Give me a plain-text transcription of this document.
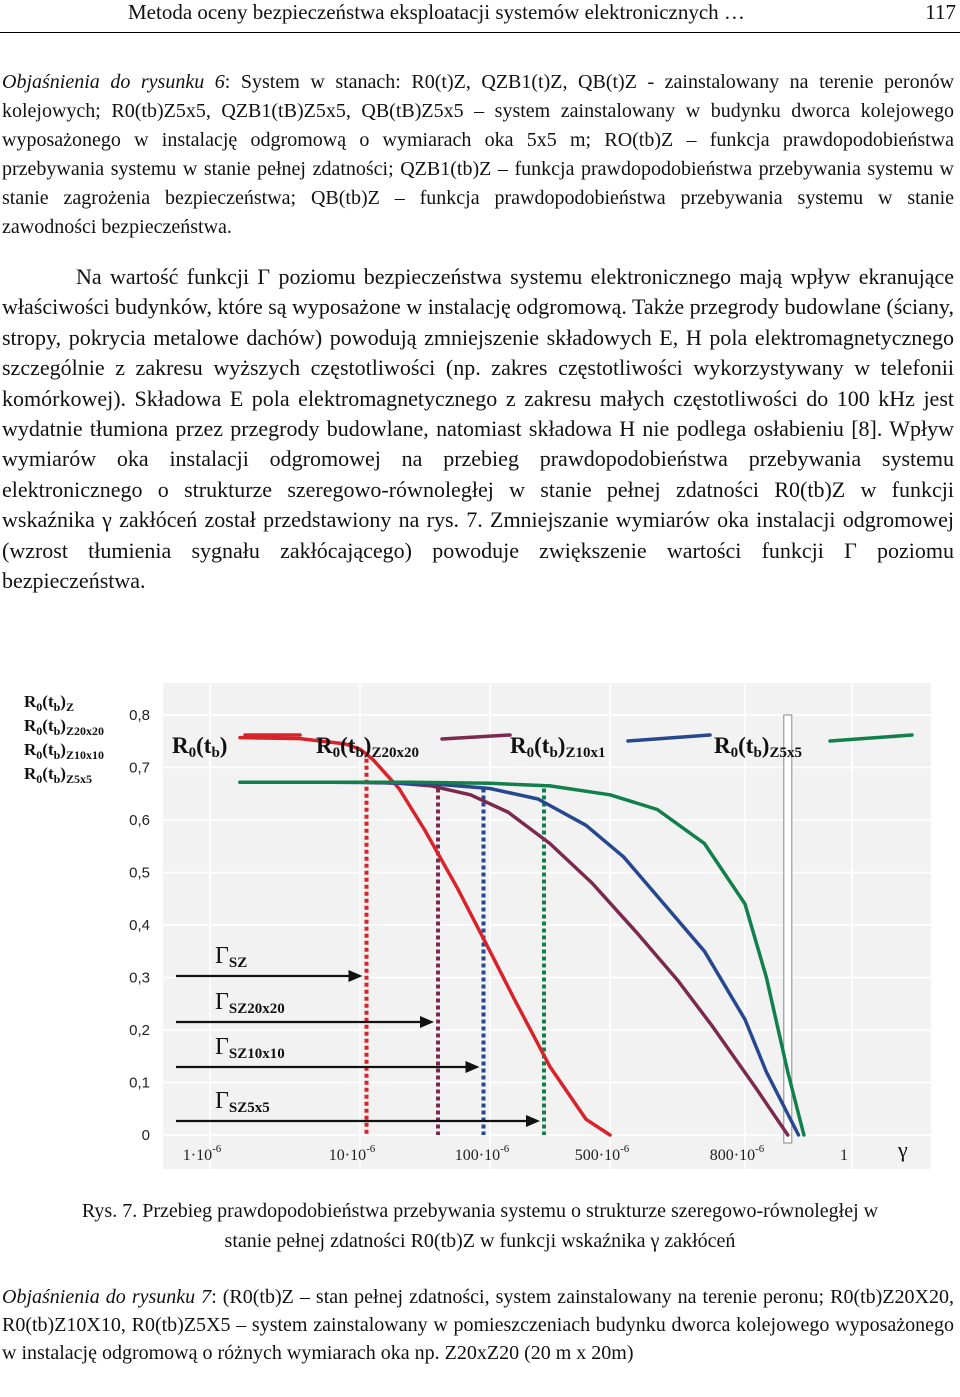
Metoda oceny bezpieczeństwa eksploatacji systemów elektronicznych …	117

Objaśnienia do rysunku 6: System w stanach: R0(t)Z, QZB1(t)Z, QB(t)Z - zainstalowany na terenie peronów kolejowych; R0(tb)Z5x5, QZB1(tB)Z5x5, QB(tB)Z5x5 – system zainstalowany w budynku dworca kolejowego wyposażonego w instalację odgromową o wymiarach oka 5x5 m; RO(tb)Z – funkcja prawdopodobieństwa przebywania systemu w stanie pełnej zdatności; QZB1(tb)Z – funkcja prawdopodobieństwa przebywania systemu w stanie zagrożenia bezpieczeństwa; QB(tb)Z – funkcja prawdopodobieństwa przebywania systemu w stanie zawodności bezpieczeństwa.

Na wartość funkcji Γ poziomu bezpieczeństwa systemu elektronicznego mają wpływ ekranujące właściwości budynków, które są wyposażone w instalację odgromową. Także przegrody budowlane (ściany, stropy, pokrycia metalowe dachów) powodują zmniejszenie składowych E, H pola elektromagnetycznego szczególnie z zakresu wyższych częstotliwości (np. zakres częstotliwości wykorzystywany w telefonii komórkowej). Składowa E pola elektromagnetycznego z zakresu małych częstotliwości do 100 kHz jest wydatnie tłumiona przez przegrody budowlane, natomiast składowa H nie podlega osłabieniu [8]. Wpływ wymiarów oka instalacji odgromowej na przebieg prawdopodobieństwa przebywania systemu elektronicznego o strukturze szeregowo-równoległej w stanie pełnej zdatności R0(tb)Z w funkcji wskaźnika γ zakłóceń został przedstawiony na rys. 7. Zmniejszanie wymiarów oka instalacji odgromowej (wzrost tłumienia sygnału zakłócającego) powoduje zwiększenie wartości funkcji Γ poziomu bezpieczeństwa.

0,8
0,7
0,6
0,5
0,4
0,3
0,2
0,1
0
$R_0(t_b)_Z$
$R_0(t_b)_{Z20x20}$
$R_0(t_b)_{Z10x10}$
$R_0(t_b)_{Z5x5}$
$1\cdot 10^{-6}$	$10\cdot 10^{-6}$	$100\cdot 10^{-6}$	$500\cdot 10^{-6}$	$800\cdot 10^{-6}$	1 γ
R0(tb)	R0(tb)Z20x20	R0(tb)Z10x1	R0(tb)Z5x5
ΓSZ
ΓSZ20x20
ΓSZ10x10
ΓSZ5x5
Rys. 7. Przebieg prawdopodobieństwa przebywania systemu o strukturze szeregowo-równoległej w
stanie pełnej zdatności R0(tb)Z w funkcji wskaźnika γ zakłóceń

Objaśnienia do rysunku 7: (R0(tb)Z – stan pełnej zdatności, system zainstalowany na terenie peronu; R0(tb)Z20X20, R0(tb)Z10X10, R0(tb)Z5X5 – system zainstalowany w pomieszczeniach budynku dworca kolejowego wyposażonego w instalację odgromową o różnych wymiarach oka np. Z20xZ20 (20 m x 20m)
